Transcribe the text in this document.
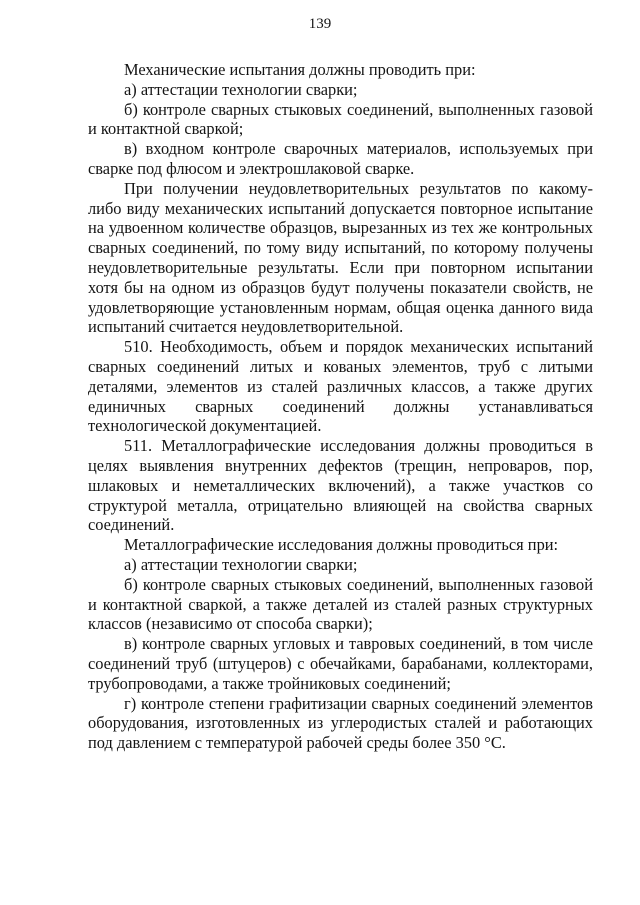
139

Механические испытания должны проводить при:

а) аттестации технологии сварки;

б) контроле сварных стыковых соединений, выполненных газовой и контактной сваркой;

в) входном контроле сварочных материалов, используемых при сварке под флюсом и электрошлаковой сварке.

При получении неудовлетворительных результатов по какому-либо виду механических испытаний допускается повторное испытание на удвоенном количестве образцов, вырезанных из тех же контрольных сварных соединений, по тому виду испытаний, по которому получены неудовлетворительные результаты. Если при повторном испытании хотя бы на одном из образцов будут получены показатели свойств, не удовлетворяющие установленным нормам, общая оценка данного вида испытаний считается неудовлетворительной.

510. Необходимость, объем и порядок механических испытаний сварных соединений литых и кованых элементов, труб с литыми деталями, элементов из сталей различных классов, а также других единичных сварных соединений должны устанавливаться технологической документацией.

511. Металлографические исследования должны проводиться в целях выявления внутренних дефектов (трещин, непроваров, пор, шлаковых и неметаллических включений), а также участков со структурой металла, отрицательно влияющей на свойства сварных соединений.

Металлографические исследования должны проводиться при:

а) аттестации технологии сварки;

б) контроле сварных стыковых соединений, выполненных газовой и контактной сваркой, а также деталей из сталей разных структурных классов (независимо от способа сварки);

в) контроле сварных угловых и тавровых соединений, в том числе соединений труб (штуцеров) с обечайками, барабанами, коллекторами, трубопроводами, а также тройниковых соединений;

г) контроле степени графитизации сварных соединений элементов оборудования, изготовленных из углеродистых сталей и работающих под давлением с температурой рабочей среды более 350 °С.
